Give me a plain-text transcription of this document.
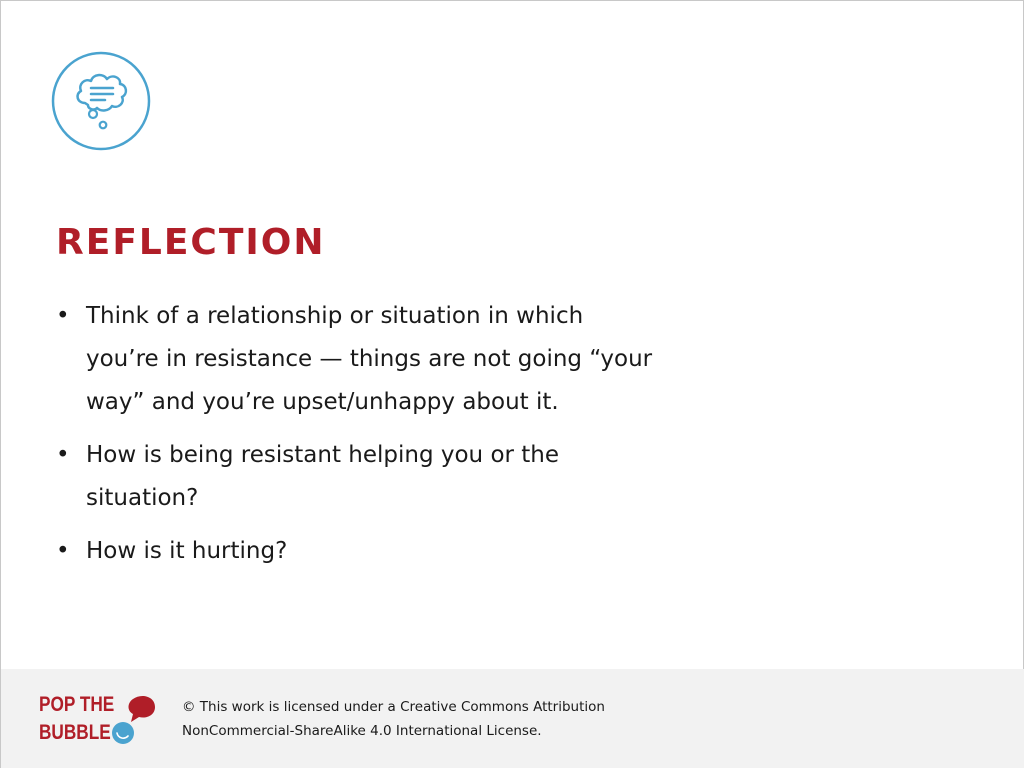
REFLECTION
• Think of a relationship or situation in which
you’re in resistance — things are not going “your
way” and you’re upset/unhappy about it.
• How is being resistant helping you or the
situation?
• How is it hurting?
POP THE
BUBBLE
© This work is licensed under a Creative Commons Attribution
NonCommercial-ShareAlike 4.0 International License.
